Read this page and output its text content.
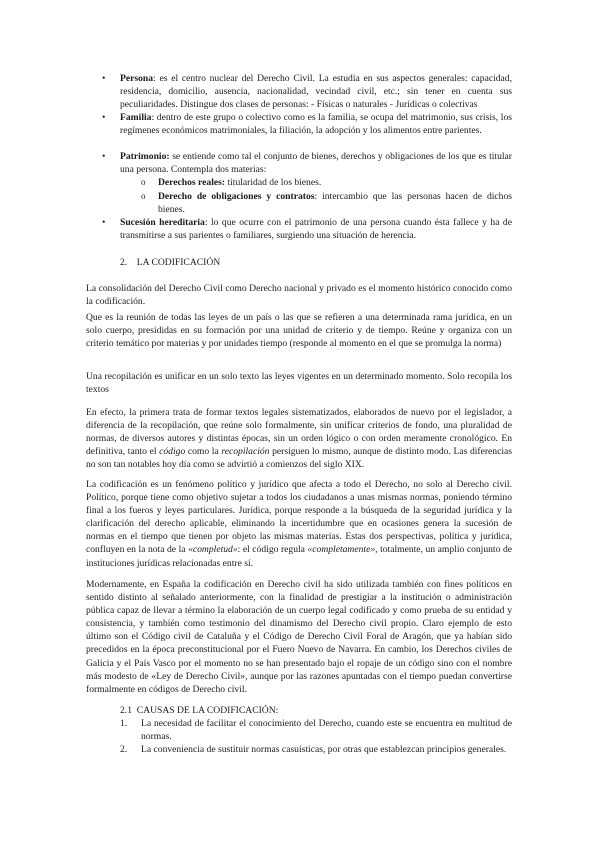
• Persona: es el centro nuclear del Derecho Civil. La estudia en sus aspectos generales: capacidad, residencia, domicilio, ausencia, nacionalidad, vecindad civil, etc.; sin tener en cuenta sus peculiaridades. Distingue dos clases de personas: - Físicas o naturales - Jurídicas o colectivas
• Familia: dentro de este grupo o colectivo como es la familia, se ocupa del matrimonio, sus crisis, los regímenes económicos matrimoniales, la filiación, la adopción y los alimentos entre parientes.
• Patrimonio: se entiende como tal el conjunto de bienes, derechos y obligaciones de los que es titular una persona. Contempla dos materias:
o Derechos reales: titularidad de los bienes.
o Derecho de obligaciones y contratos: intercambio que las personas hacen de dichos bienes.
• Sucesión hereditaria: lo que ocurre con el patrimonio de una persona cuando ésta fallece y ha de transmitirse a sus parientes o familiares, surgiendo una situación de herencia.
2.    LA CODIFICACIÓN

La consolidación del Derecho Civil como Derecho nacional y privado es el momento histórico conocido como la codificación.

Que es la reunión de todas las leyes de un país o las que se refieren a una determinada rama jurídica, en un solo cuerpo, presididas en su formación por una unidad de criterio y de tiempo. Reúne y organiza con un criterio temático por materias y por unidades tiempo (responde al momento en el que se promulga la norma)

Una recopilación es unificar en un solo texto las leyes vigentes en un determinado momento. Solo recopila los textos

En efecto, la primera trata de formar textos legales sistematizados, elaborados de nuevo por el legislador, a diferencia de la recopilación, que reúne solo formalmente, sin unificar criterios de fondo, una pluralidad de normas, de diversos autores y distintas épocas, sin un orden lógico o con orden meramente cronológico. En definitiva, tanto el código como la recopilación persiguen lo mismo, aunque de distinto modo. Las diferencias no son tan notables hoy día como se advirtió a comienzos del siglo XIX.

La codificación es un fenómeno político y jurídico que afecta a todo el Derecho, no solo al Derecho civil. Político, porque tiene como objetivo sujetar a todos los ciudadanos a unas mismas normas, poniendo término final a los fueros y leyes particulares. Jurídica, porque responde a la búsqueda de la seguridad jurídica y la clarificación del derecho aplicable, eliminando la incertidumbre que en ocasiones genera la sucesión de normas en el tiempo que tienen por objeto las mismas materias. Estas dos perspectivas, política y jurídica, confluyen en la nota de la «completud»: el código regula «completamente», totalmente, un amplio conjunto de instituciones jurídicas relacionadas entre sí.

Modernamente, en España la codificación en Derecho civil ha sido utilizada también con fines políticos en sentido distinto al señalado anteriormente, con la finalidad de prestigiar a la institución o administración pública capaz de llevar a término la elaboración de un cuerpo legal codificado y como prueba de su entidad y consistencia, y también como testimonio del dinamismo del Derecho civil propio. Claro ejemplo de esto último son el Código civil de Cataluña y el Código de Derecho Civil Foral de Aragón, que ya habían sido precedidos en la época preconstitucional por el Fuero Nuevo de Navarra. En cambio, los Derechos civiles de Galicia y el País Vasco por el momento no se han presentado bajo el ropaje de un código sino con el nombre más modesto de «Ley de Derecho Civil», aunque por las razones apuntadas con el tiempo puedan convertirse formalmente en códigos de Derecho civil.

2.1  CAUSAS DE LA CODIFICACIÓN:
1. La necesidad de facilitar el conocimiento del Derecho, cuando este se encuentra en multitud de normas.
2. La conveniencia de sustituir normas casuísticas, por otras que establezcan principios generales.
